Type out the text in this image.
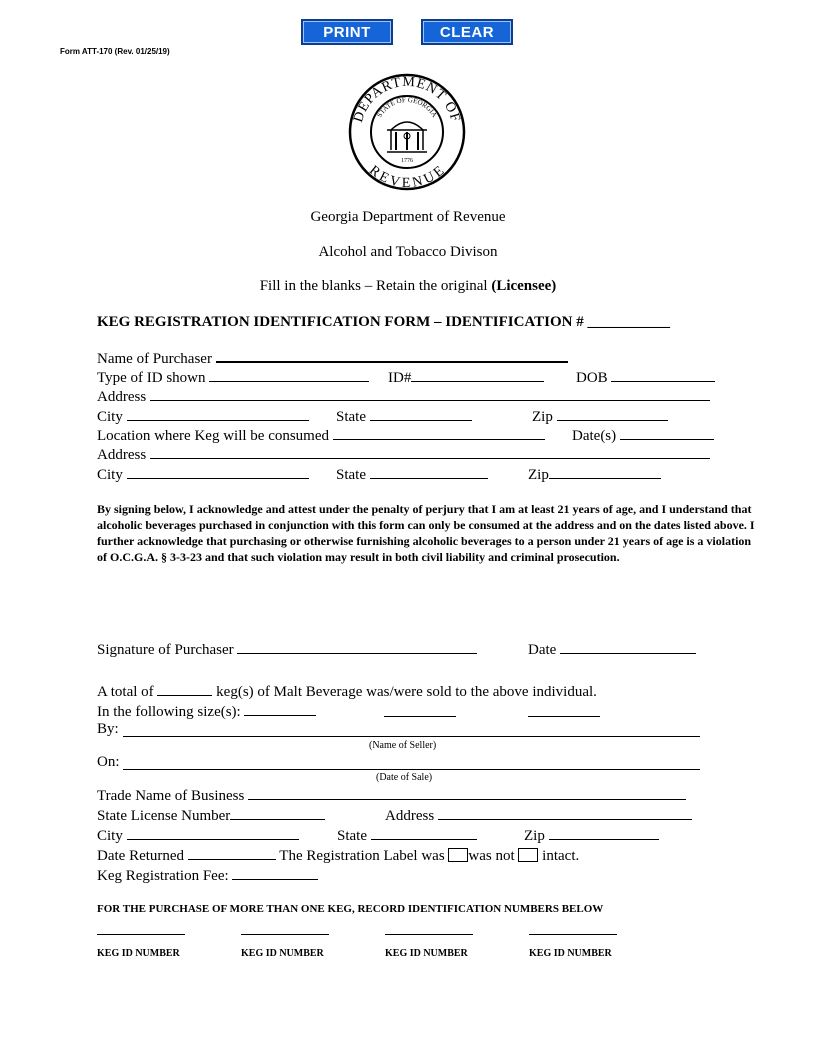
PRINT	CLEAR
Form ATT-170 (Rev. 01/25/19)
DEPARTMENT OF
REVENUE
STATE OF GEORGIA
1776
Georgia Department of Revenue
Alcohol and Tobacco Divison
Fill in the blanks – Retain the original (Licensee)
KEG REGISTRATION IDENTIFICATION FORM – IDENTIFICATION # ___________
Name of Purchaser
Type of ID shown	ID#	DOB
Address
City	State	Zip
Location where Keg will be consumed	Date(s)
Address
City	State	Zip
By signing below, I acknowledge and attest under the penalty of perjury that I am at least 21 years of age, and I understand that alcoholic beverages purchased in conjunction with this form can only be consumed at the address and on the dates listed above. I further acknowledge that purchasing or otherwise furnishing alcoholic beverages to a person under 21 years of age is a violation of O.C.G.A. § 3-3-23 and that such violation may result in both civil liability and criminal prosecution.
Signature of Purchaser	Date
A total of	keg(s) of Malt Beverage was/were sold to the above individual.
In the following size(s):
By:
(Name of Seller)
On:
(Date of Sale)
Trade Name of Business
State License Number	Address
City	State	Zip
Date Returned	The Registration Label was was not intact.
Keg Registration Fee:
FOR THE PURCHASE OF MORE THAN ONE KEG, RECORD IDENTIFICATION NUMBERS BELOW
KEG ID NUMBER	KEG ID NUMBER	KEG ID NUMBER	KEG ID NUMBER
